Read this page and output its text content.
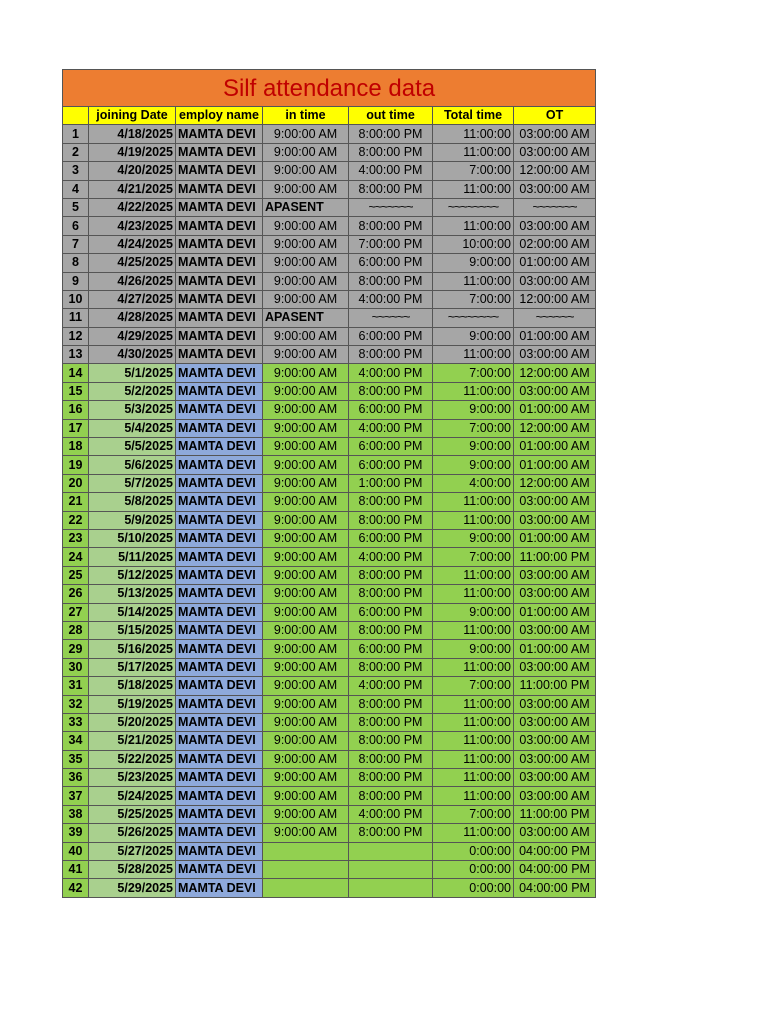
Silf attendance data						
	joining Date	employ name	in time	out time	Total time	OT
1	4/18/2025	MAMTA DEVI	9:00:00 AM	8:00:00 PM	11:00:00	03:00:00 AM
2	4/19/2025	MAMTA DEVI	9:00:00 AM	8:00:00 PM	11:00:00	03:00:00 AM
3	4/20/2025	MAMTA DEVI	9:00:00 AM	4:00:00 PM	7:00:00	12:00:00 AM
4	4/21/2025	MAMTA DEVI	9:00:00 AM	8:00:00 PM	11:00:00	03:00:00 AM
5	4/22/2025	MAMTA DEVI	APASENT	~~~~~~~	~~~~~~~~	~~~~~~~
6	4/23/2025	MAMTA DEVI	9:00:00 AM	8:00:00 PM	11:00:00	03:00:00 AM
7	4/24/2025	MAMTA DEVI	9:00:00 AM	7:00:00 PM	10:00:00	02:00:00 AM
8	4/25/2025	MAMTA DEVI	9:00:00 AM	6:00:00 PM	9:00:00	01:00:00 AM
9	4/26/2025	MAMTA DEVI	9:00:00 AM	8:00:00 PM	11:00:00	03:00:00 AM
10	4/27/2025	MAMTA DEVI	9:00:00 AM	4:00:00 PM	7:00:00	12:00:00 AM
11	4/28/2025	MAMTA DEVI	APASENT	~~~~~~	~~~~~~~~	~~~~~~
12	4/29/2025	MAMTA DEVI	9:00:00 AM	6:00:00 PM	9:00:00	01:00:00 AM
13	4/30/2025	MAMTA DEVI	9:00:00 AM	8:00:00 PM	11:00:00	03:00:00 AM
14	5/1/2025	MAMTA DEVI	9:00:00 AM	4:00:00 PM	7:00:00	12:00:00 AM
15	5/2/2025	MAMTA DEVI	9:00:00 AM	8:00:00 PM	11:00:00	03:00:00 AM
16	5/3/2025	MAMTA DEVI	9:00:00 AM	6:00:00 PM	9:00:00	01:00:00 AM
17	5/4/2025	MAMTA DEVI	9:00:00 AM	4:00:00 PM	7:00:00	12:00:00 AM
18	5/5/2025	MAMTA DEVI	9:00:00 AM	6:00:00 PM	9:00:00	01:00:00 AM
19	5/6/2025	MAMTA DEVI	9:00:00 AM	6:00:00 PM	9:00:00	01:00:00 AM
20	5/7/2025	MAMTA DEVI	9:00:00 AM	1:00:00 PM	4:00:00	12:00:00 AM
21	5/8/2025	MAMTA DEVI	9:00:00 AM	8:00:00 PM	11:00:00	03:00:00 AM
22	5/9/2025	MAMTA DEVI	9:00:00 AM	8:00:00 PM	11:00:00	03:00:00 AM
23	5/10/2025	MAMTA DEVI	9:00:00 AM	6:00:00 PM	9:00:00	01:00:00 AM
24	5/11/2025	MAMTA DEVI	9:00:00 AM	4:00:00 PM	7:00:00	11:00:00 PM
25	5/12/2025	MAMTA DEVI	9:00:00 AM	8:00:00 PM	11:00:00	03:00:00 AM
26	5/13/2025	MAMTA DEVI	9:00:00 AM	8:00:00 PM	11:00:00	03:00:00 AM
27	5/14/2025	MAMTA DEVI	9:00:00 AM	6:00:00 PM	9:00:00	01:00:00 AM
28	5/15/2025	MAMTA DEVI	9:00:00 AM	8:00:00 PM	11:00:00	03:00:00 AM
29	5/16/2025	MAMTA DEVI	9:00:00 AM	6:00:00 PM	9:00:00	01:00:00 AM
30	5/17/2025	MAMTA DEVI	9:00:00 AM	8:00:00 PM	11:00:00	03:00:00 AM
31	5/18/2025	MAMTA DEVI	9:00:00 AM	4:00:00 PM	7:00:00	11:00:00 PM
32	5/19/2025	MAMTA DEVI	9:00:00 AM	8:00:00 PM	11:00:00	03:00:00 AM
33	5/20/2025	MAMTA DEVI	9:00:00 AM	8:00:00 PM	11:00:00	03:00:00 AM
34	5/21/2025	MAMTA DEVI	9:00:00 AM	8:00:00 PM	11:00:00	03:00:00 AM
35	5/22/2025	MAMTA DEVI	9:00:00 AM	8:00:00 PM	11:00:00	03:00:00 AM
36	5/23/2025	MAMTA DEVI	9:00:00 AM	8:00:00 PM	11:00:00	03:00:00 AM
37	5/24/2025	MAMTA DEVI	9:00:00 AM	8:00:00 PM	11:00:00	03:00:00 AM
38	5/25/2025	MAMTA DEVI	9:00:00 AM	4:00:00 PM	7:00:00	11:00:00 PM
39	5/26/2025	MAMTA DEVI	9:00:00 AM	8:00:00 PM	11:00:00	03:00:00 AM
40	5/27/2025	MAMTA DEVI			0:00:00	04:00:00 PM
41	5/28/2025	MAMTA DEVI			0:00:00	04:00:00 PM
42	5/29/2025	MAMTA DEVI			0:00:00	04:00:00 PM
